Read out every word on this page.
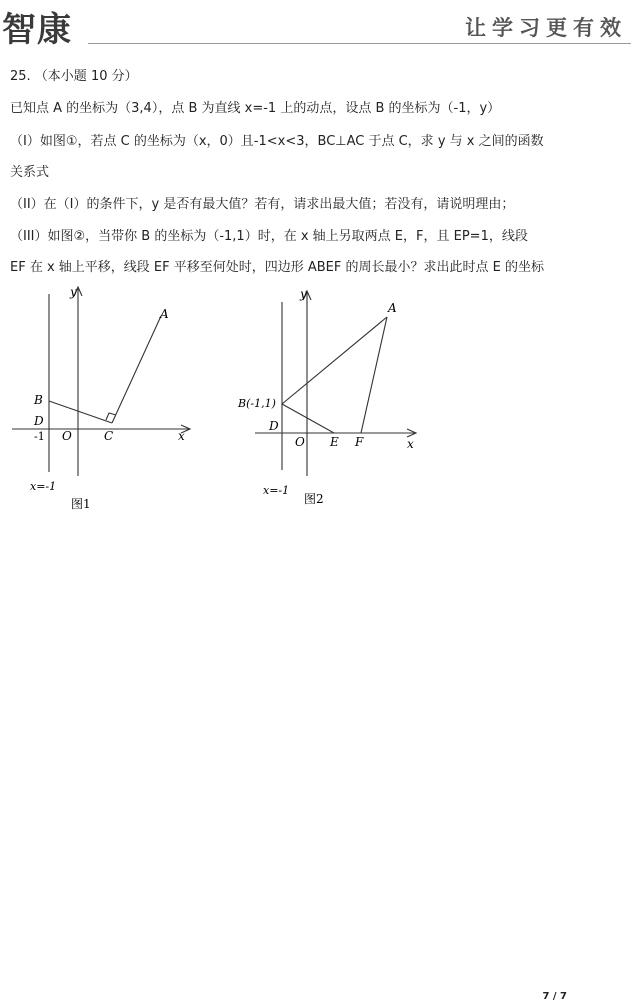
智康	让学习更有效
25. （本小题 10 分）
已知点 A 的坐标为（3,4），点 B 为直线 x=-1 上的动点，设点 B 的坐标为（-1，y）
（I）如图①，若点 C 的坐标为（x，0）且-1<x<3，BC⊥AC 于点 C，求 y 与 x 之间的函数
关系式
（II）在（I）的条件下，y 是否有最大值？若有，请求出最大值；若没有，请说明理由；
（III）如图②，当带你 B 的坐标为（-1,1）时，在 x 轴上另取两点 E，F，且 EP=1，线段
EF 在 x 轴上平移，线段 EF 平移至何处时，四边形 ABEF 的周长最小？求出此时点 E 的坐标
y
A
B
D
-1 O	C	x
x=-1
图1
y
A
B(-1,1)
D
O E F	x
x=-1
图2
7 / 7
